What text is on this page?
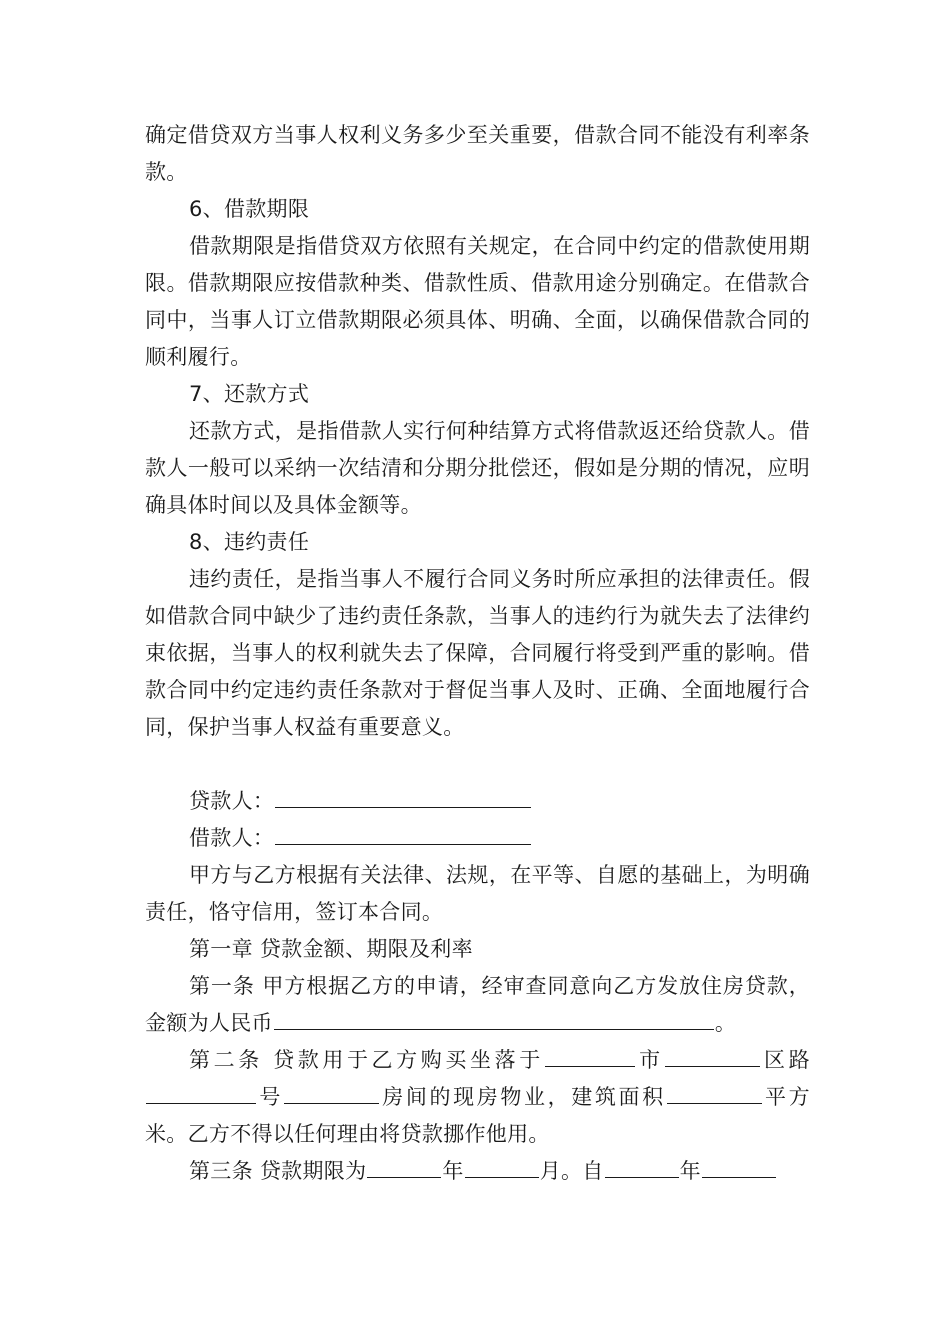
确定借贷双方当事人权利义务多少至关重要，借款合同不能没有利率条款。

6、借款期限

借款期限是指借贷双方依照有关规定，在合同中约定的借款使用期限。借款期限应按借款种类、借款性质、借款用途分别确定。在借款合同中，当事人订立借款期限必须具体、明确、全面，以确保借款合同的顺利履行。

7、还款方式

还款方式，是指借款人实行何种结算方式将借款返还给贷款人。借款人一般可以采纳一次结清和分期分批偿还，假如是分期的情况，应明确具体时间以及具体金额等。

8、违约责任

违约责任，是指当事人不履行合同义务时所应承担的法律责任。假如借款合同中缺少了违约责任条款，当事人的违约行为就失去了法律约束依据，当事人的权利就失去了保障，合同履行将受到严重的影响。借款合同中约定违约责任条款对于督促当事人及时、正确、全面地履行合同，保护当事人权益有重要意义。

贷款人：

借款人：

甲方与乙方根据有关法律、法规，在平等、自愿的基础上，为明确责任，恪守信用，签订本合同。

第一章 贷款金额、期限及利率

第一条 甲方根据乙方的申请，经审查同意向乙方发放住房贷款，金额为人民币	。

第二条 贷款用于乙方购买坐落于	市	区路号	房间的现房物业，建筑面积	平方米。乙方不得以任何理由将贷款挪作他用。

第三条 贷款期限为	年	月。自	年
